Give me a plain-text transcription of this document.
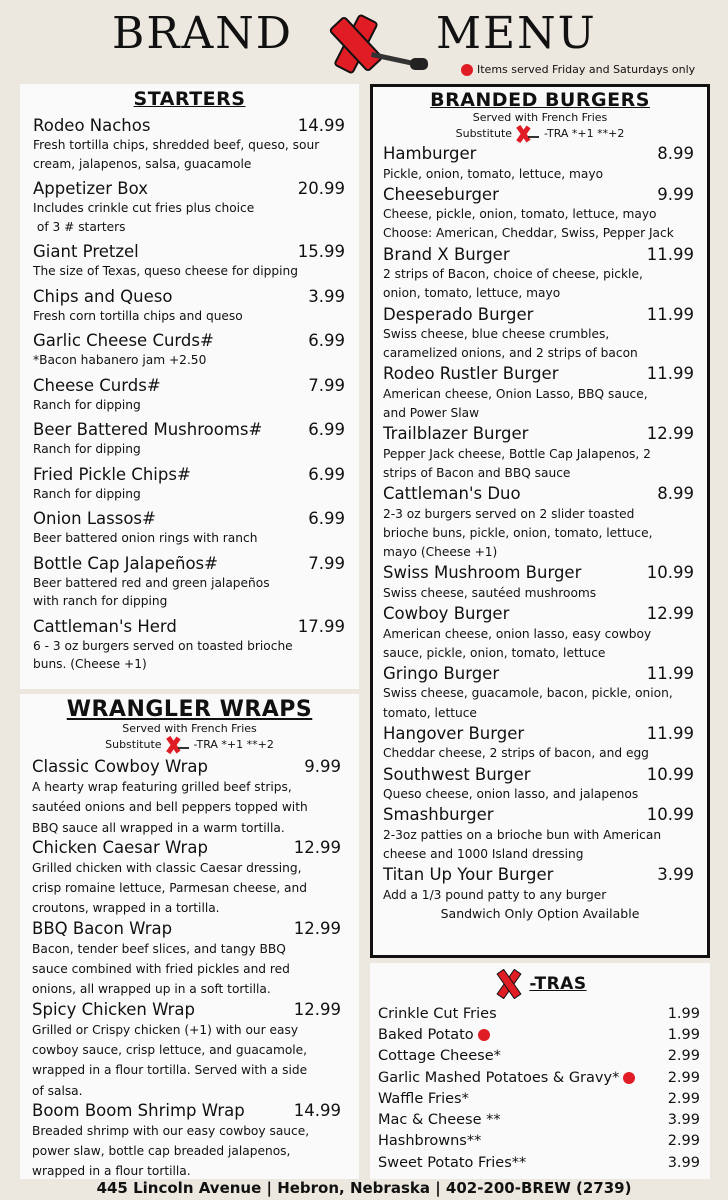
BRAND	MENU
Items served Friday and Saturdays only
STARTERS
Rodeo Nachos	14.99
Fresh tortilla chips, shredded beef, queso, sour
cream, jalapenos, salsa, guacamole
Appetizer Box	20.99
Includes crinkle cut fries plus choice
of 3 # starters
Giant Pretzel	15.99
The size of Texas, queso cheese for dipping
Chips and Queso	3.99
Fresh corn tortilla chips and queso
Garlic Cheese Curds#	6.99
*Bacon habanero jam +2.50
Cheese Curds#	7.99
Ranch for dipping
Beer Battered Mushrooms#	6.99
Ranch for dipping
Fried Pickle Chips#	6.99
Ranch for dipping
Onion Lassos#	6.99
Beer battered onion rings with ranch
Bottle Cap Jalapeños#	7.99
Beer battered red and green jalapeños
with ranch for dipping
Cattleman's Herd	17.99
6 - 3 oz burgers served on toasted brioche
buns. (Cheese +1)
WRANGLER WRAPS
Served with French Fries
Substitute	-TRA *+1 **+2
Classic Cowboy Wrap	9.99
A hearty wrap featuring grilled beef strips,
sautéed onions and bell peppers topped with
BBQ sauce all wrapped in a warm tortilla.
Chicken Caesar Wrap	12.99
Grilled chicken with classic Caesar dressing,
crisp romaine lettuce, Parmesan cheese, and
croutons, wrapped in a tortilla.
BBQ Bacon Wrap	12.99
Bacon, tender beef slices, and tangy BBQ
sauce combined with fried pickles and red
onions, all wrapped up in a soft tortilla.
Spicy Chicken Wrap	12.99
Grilled or Crispy chicken (+1) with our easy
cowboy sauce, crisp lettuce, and guacamole,
wrapped in a flour tortilla. Served with a side
of salsa.
Boom Boom Shrimp Wrap	14.99
Breaded shrimp with our easy cowboy sauce,
power slaw, bottle cap breaded jalapenos,
wrapped in a flour tortilla.
BRANDED BURGERS
Served with French Fries
Substitute	-TRA *+1 **+2
Hamburger	8.99
Pickle, onion, tomato, lettuce, mayo
Cheeseburger	9.99
Cheese, pickle, onion, tomato, lettuce, mayo
Choose: American, Cheddar, Swiss, Pepper Jack
Brand X Burger	11.99
2 strips of Bacon, choice of cheese, pickle,
onion, tomato, lettuce, mayo
Desperado Burger	11.99
Swiss cheese, blue cheese crumbles,
caramelized onions, and 2 strips of bacon
Rodeo Rustler Burger	11.99
American cheese, Onion Lasso, BBQ sauce,
and Power Slaw
Trailblazer Burger	12.99
Pepper Jack cheese, Bottle Cap Jalapenos, 2
strips of Bacon and BBQ sauce
Cattleman's Duo	8.99
2-3 oz burgers served on 2 slider toasted
brioche buns, pickle, onion, tomato, lettuce,
mayo (Cheese +1)
Swiss Mushroom Burger	10.99
Swiss cheese, sautéed mushrooms
Cowboy Burger	12.99
American cheese, onion lasso, easy cowboy
sauce, pickle, onion, tomato, lettuce
Gringo Burger	11.99
Swiss cheese, guacamole, bacon, pickle, onion,
tomato, lettuce
Hangover Burger	11.99
Cheddar cheese, 2 strips of bacon, and egg
Southwest Burger	10.99
Queso cheese, onion lasso, and jalapenos
Smashburger	10.99
2-3oz patties on a brioche bun with American
cheese and 1000 Island dressing
Titan Up Your Burger	3.99
Add a 1/3 pound patty to any burger
Sandwich Only Option Available
-TRAS
Crinkle Cut Fries	1.99
Baked Potato	1.99
Cottage Cheese*	2.99
Garlic Mashed Potatoes & Gravy*	2.99
Waffle Fries*	2.99
Mac & Cheese **	3.99
Hashbrowns**	2.99
Sweet Potato Fries**	3.99
445 Lincoln Avenue | Hebron, Nebraska | 402-200-BREW (2739)
